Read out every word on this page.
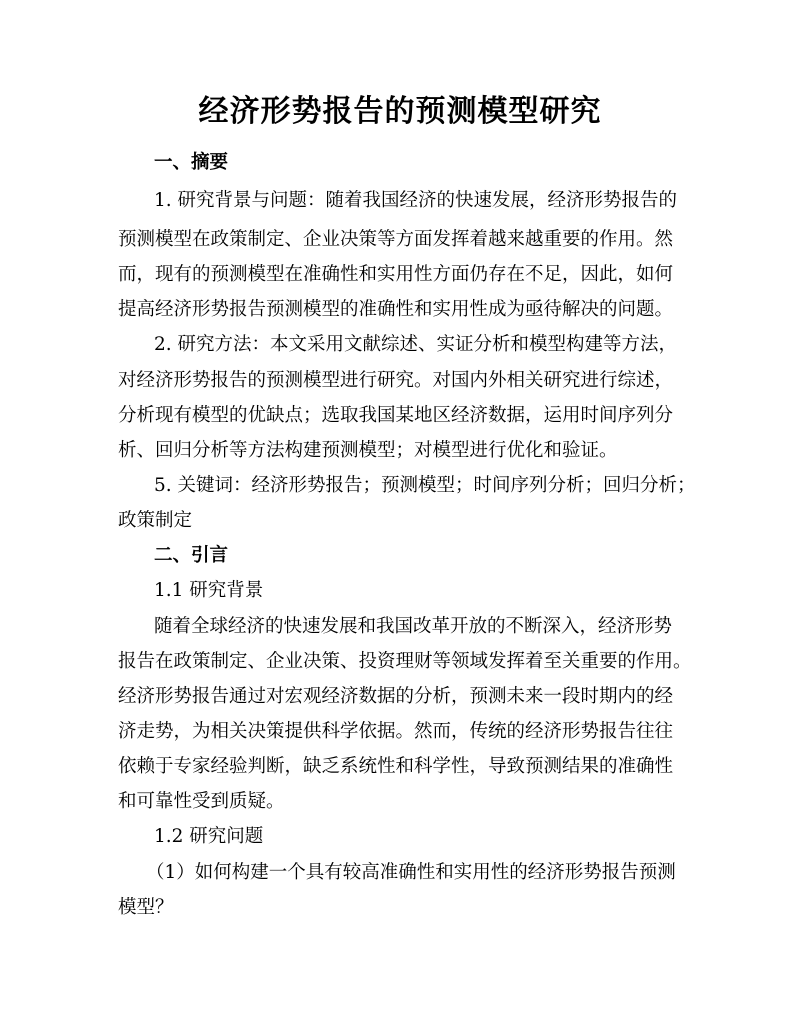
经济形势报告的预测模型研究
一、摘要
1. 研究背景与问题：随着我国经济的快速发展，经济形势报告的
预测模型在政策制定、企业决策等方面发挥着越来越重要的作用。然
而，现有的预测模型在准确性和实用性方面仍存在不足，因此，如何
提高经济形势报告预测模型的准确性和实用性成为亟待解决的问题。
2. 研究方法：本文采用文献综述、实证分析和模型构建等方法，
对经济形势报告的预测模型进行研究。对国内外相关研究进行综述，
分析现有模型的优缺点；选取我国某地区经济数据，运用时间序列分
析、回归分析等方法构建预测模型；对模型进行优化和验证。
5. 关键词：经济形势报告；预测模型；时间序列分析；回归分析；
政策制定
二、引言
1.1 研究背景
随着全球经济的快速发展和我国改革开放的不断深入，经济形势
报告在政策制定、企业决策、投资理财等领域发挥着至关重要的作用。
经济形势报告通过对宏观经济数据的分析，预测未来一段时期内的经
济走势，为相关决策提供科学依据。然而，传统的经济形势报告往往
依赖于专家经验判断，缺乏系统性和科学性，导致预测结果的准确性
和可靠性受到质疑。
1.2 研究问题
（1）如何构建一个具有较高准确性和实用性的经济形势报告预测
模型？
